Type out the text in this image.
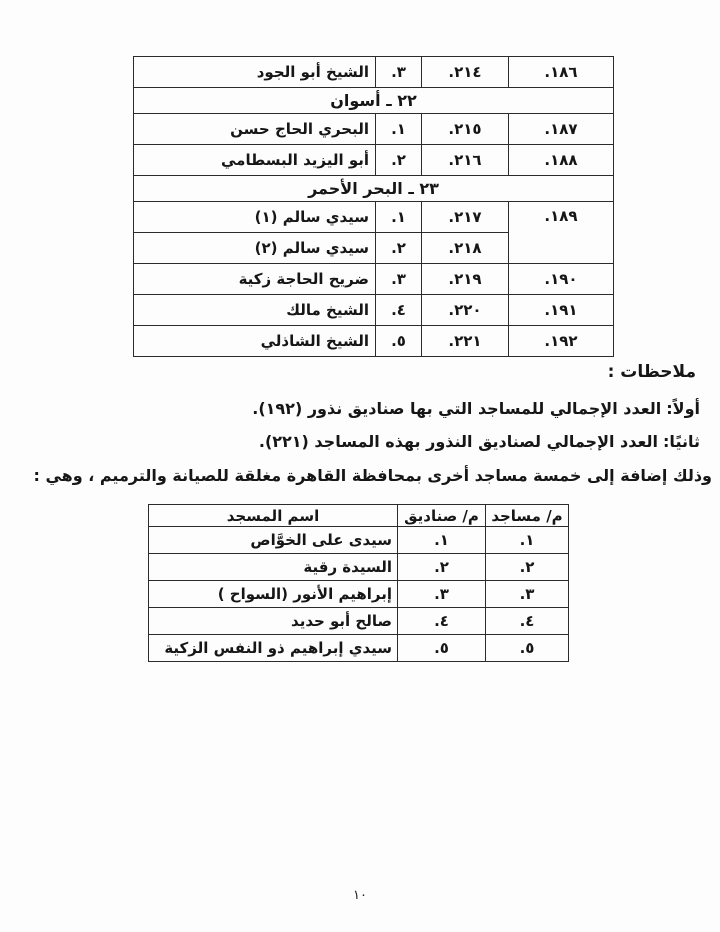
١٨٦.	٢١٤.	٣.	الشيخ أبو الجود
٢٢ ـ أسوان			
١٨٧.	٢١٥.	١.	البحري الحاج حسن
١٨٨.	٢١٦.	٢.	أبو اليزيد البسطامي
٢٣ ـ البحر الأحمر			
١٨٩.	٢١٧.	١.	سيدي سالم (١)
	٢١٨.	٢.	سيدي سالم (٢)
١٩٠.	٢١٩.	٣.	ضريح الحاجة زكية
١٩١.	٢٢٠.	٤.	الشيخ مالك
١٩٢.	٢٢١.	٥.	الشيخ الشاذلي
ملاحظات :
أولاً:العدد الإجمالي للمساجد التي بها صناديق نذور (١٩٢).
ثانيًا:العدد الإجمالي لصناديق النذور بهذه المساجد (٢٢١).
وذلك إضافة إلى خمسة مساجد أخرى بمحافظة القاهرة مغلقة للصيانة والترميم ، وهي :
م/ مساجد	م/ صناديق	اسم المسجد
١.	١.	سيدى على الخوَّاص
٢.	٢.	السيدة رقية
٣.	٣.	إبراهيم الأنور (السواح )
٤.	٤.	صالح أبو حديد
٥.	٥.	سيدي إبراهيم ذو النفس الزكية
١٠
